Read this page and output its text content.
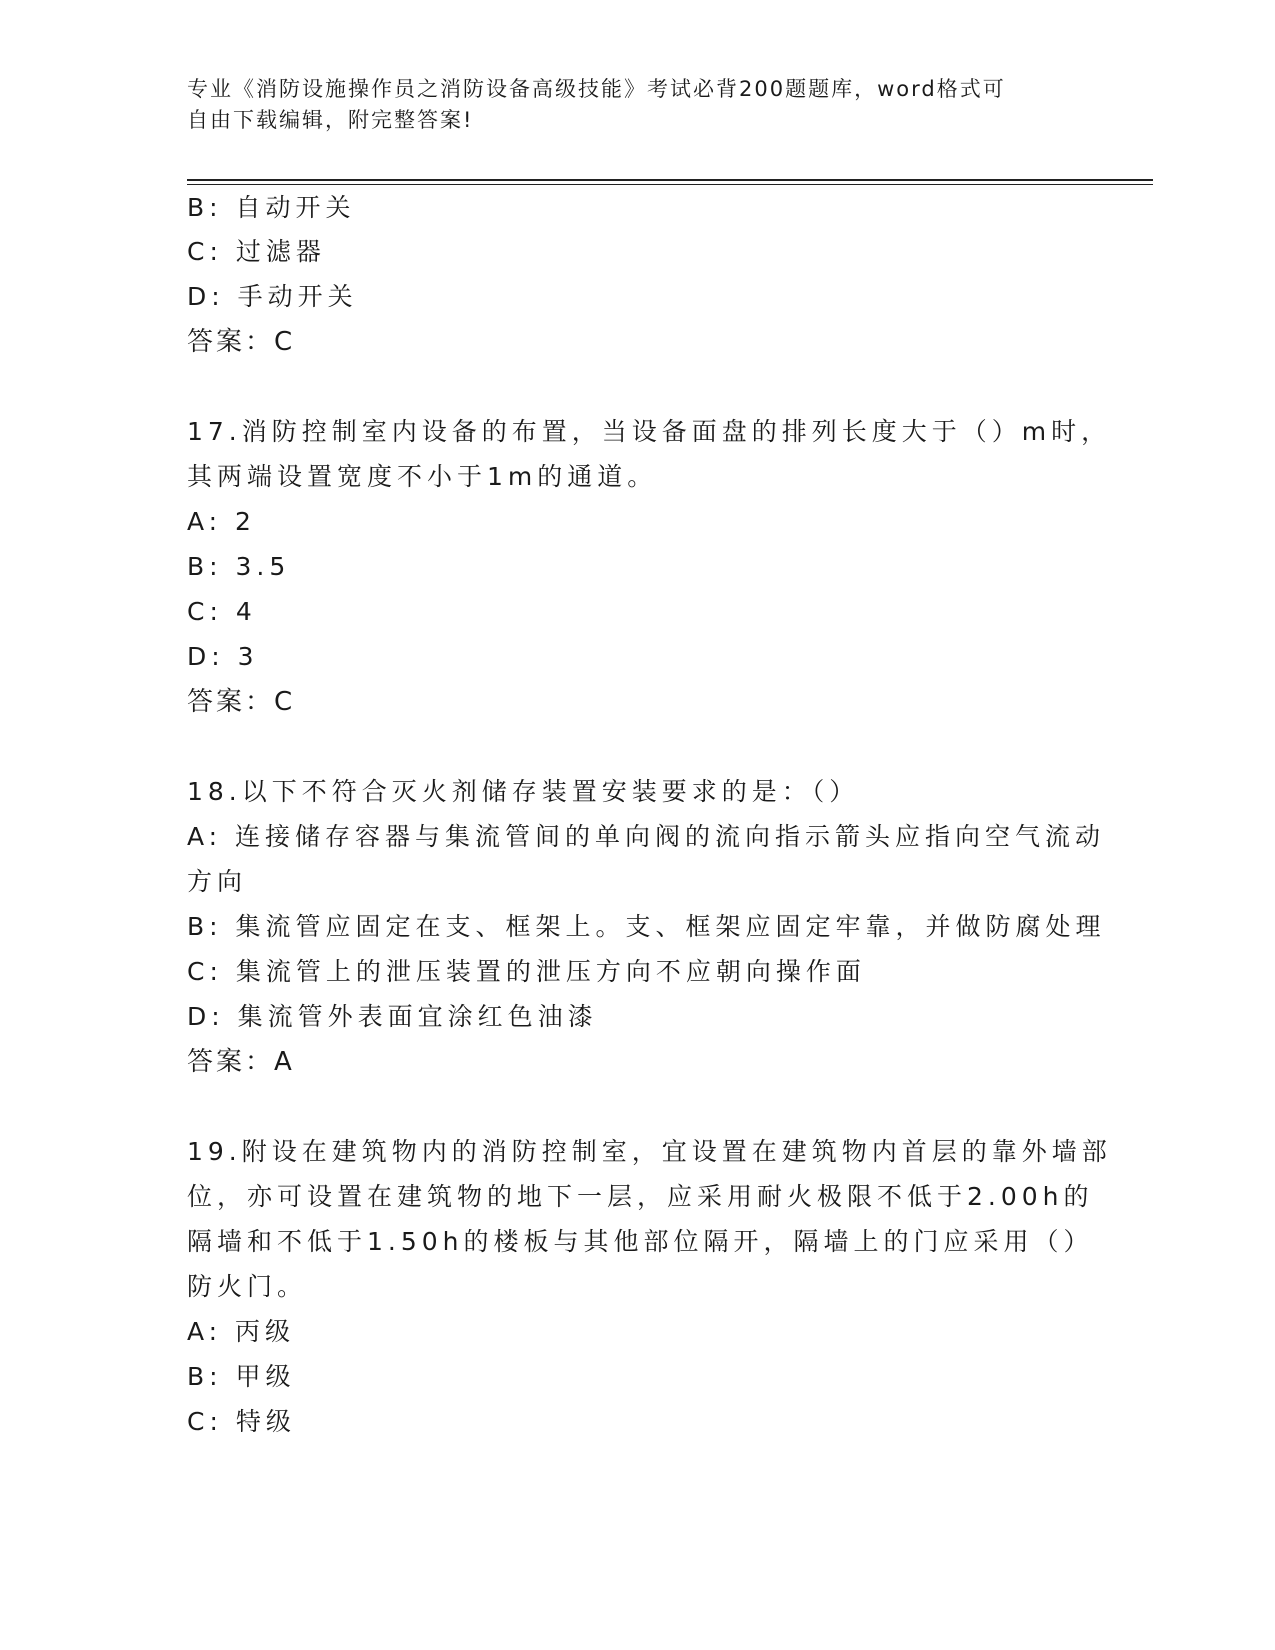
专业《消防设施操作员之消防设备高级技能》考试必背200题题库，word格式可
自由下载编辑，附完整答案!
B: 自动开关
C: 过滤器
D: 手动开关
答案：C
17.消防控制室内设备的布置，当设备面盘的排列长度大于（）m时，
其两端设置宽度不小于1m的通道。
A: 2
B: 3.5
C: 4
D: 3
答案：C
18.以下不符合灭火剂储存装置安装要求的是：（）
A: 连接储存容器与集流管间的单向阀的流向指示箭头应指向空气流动
方向
B: 集流管应固定在支、框架上。支、框架应固定牢靠，并做防腐处理
C: 集流管上的泄压装置的泄压方向不应朝向操作面
D: 集流管外表面宜涂红色油漆
答案：A
19.附设在建筑物内的消防控制室，宜设置在建筑物内首层的靠外墙部
位，亦可设置在建筑物的地下一层，应采用耐火极限不低于2.00h的
隔墙和不低于1.50h的楼板与其他部位隔开，隔墙上的门应采用（）
防火门。
A: 丙级
B: 甲级
C: 特级
